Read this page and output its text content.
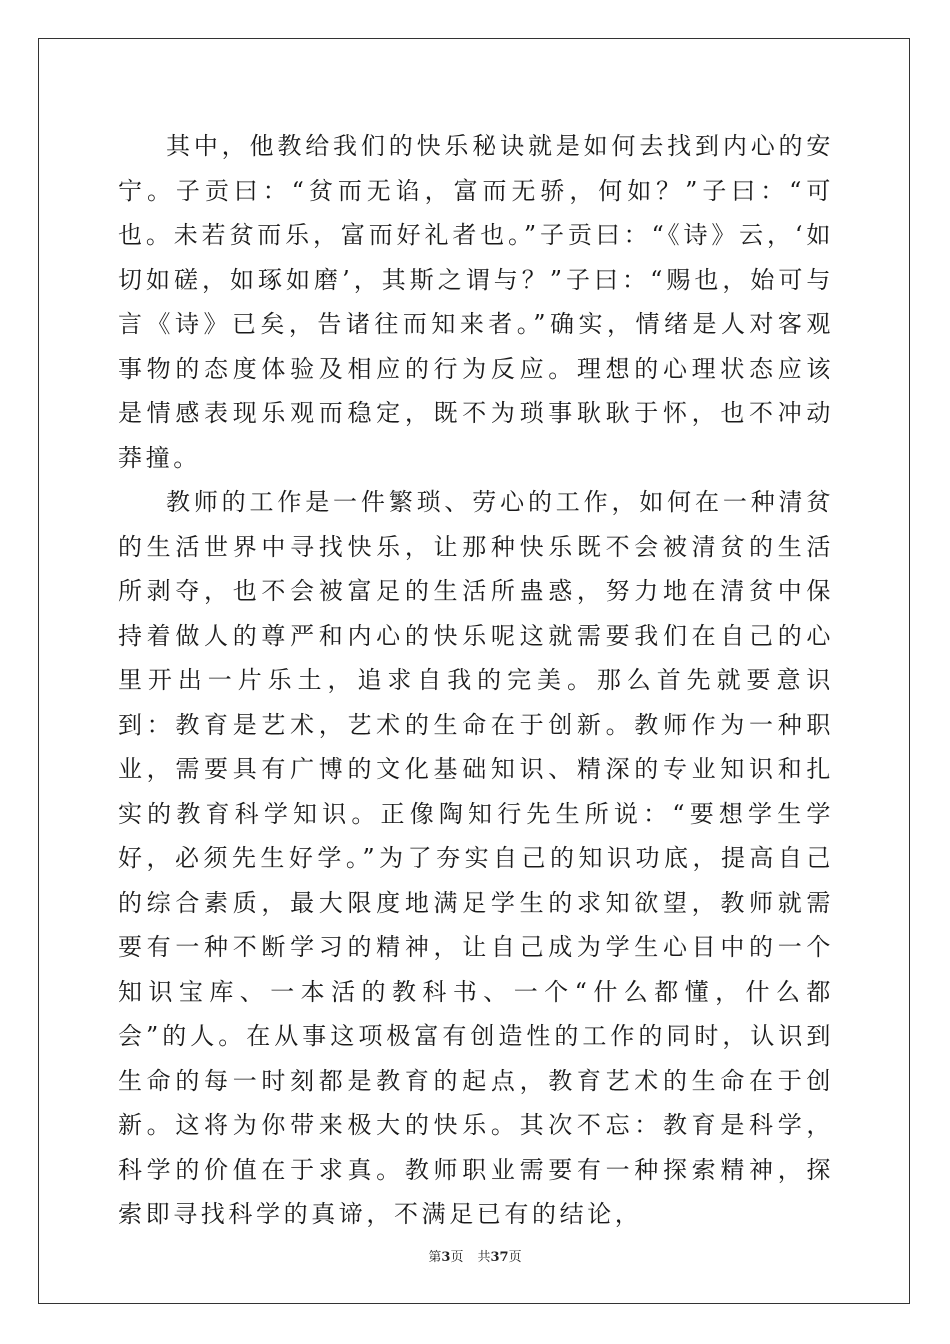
其中，他教给我们的快乐秘诀就是如何去找到内心的安宁。子贡曰：“贫而无谄，富而无骄，何如？”子曰：“可也。未若贫而乐，富而好礼者也。”子贡曰：“《诗》云，‘如切如磋，如琢如磨’，其斯之谓与？”子曰：“赐也，始可与言《诗》已矣，告诸往而知来者。”确实，情绪是人对客观事物的态度体验及相应的行为反应。理想的心理状态应该是情感表现乐观而稳定，既不为琐事耿耿于怀，也不冲动莽撞。

教师的工作是一件繁琐、劳心的工作，如何在一种清贫的生活世界中寻找快乐，让那种快乐既不会被清贫的生活所剥夺，也不会被富足的生活所蛊惑，努力地在清贫中保持着做人的尊严和内心的快乐呢这就需要我们在自己的心里开出一片乐土，追求自我的完美。那么首先就要意识到：教育是艺术，艺术的生命在于创新。教师作为一种职业，需要具有广博的文化基础知识、精深的专业知识和扎实的教育科学知识。正像陶知行先生所说：“要想学生学好，必须先生好学。”为了夯实自己的知识功底，提高自己的综合素质，最大限度地满足学生的求知欲望，教师就需要有一种不断学习的精神，让自己成为学生心目中的一个知识宝库、一本活的教科书、一个“什么都懂，什么都会”的人。在从事这项极富有创造性的工作的同时，认识到生命的每一时刻都是教育的起点，教育艺术的生命在于创新。这将为你带来极大的快乐。其次不忘：教育是科学，科学的价值在于求真。教师职业需要有一种探索精神，探索即寻找科学的真谛，不满足已有的结论，

第3页 共37页
